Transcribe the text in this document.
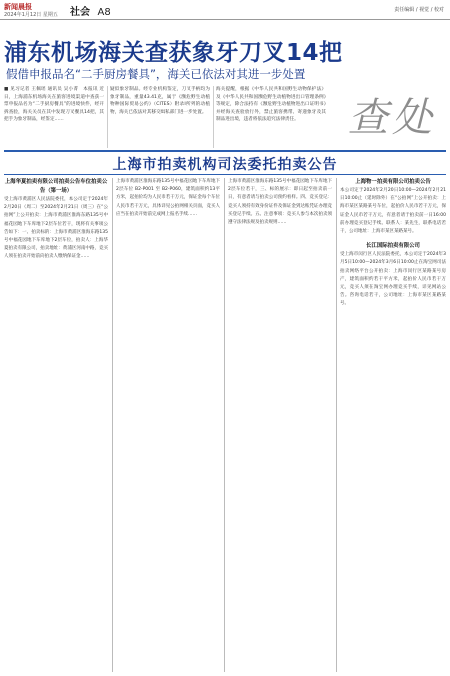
新闻晨报
2024年1月12日 星期五 社会 A8	责任编辑 / 视觉 / 校对
浦东机场海关查获象牙刀叉14把
假借申报品名“二手厨房餐具”，海关已依法对其进一步处置
■ 见习记者 王佩瑶 通讯员 吴小菁　本报讯 近日，上海浦东机场海关在旅客进境渠道中查获一票申报品名为“二手厨房餐具”的进境快件，经开拆查验，海关关员在其中发现刀叉餐具14把，其把手为象牙制品，经鉴定……
疑似象牙制品。经专业机构鉴定，刀叉手柄均为象牙制品，重量43.41克，属于《濒危野生动植物种国际贸易公约》（CITES）附录I所列的动植物，海关已依法对其移交缉私部门进一步处置。
海关提醒，根据《中华人民共和国野生动物保护法》及《中华人民共和国濒危野生动植物进出口管理条例》等规定，除合法持有《濒危野生动植物进出口证明书》并经海关查验放行外，禁止旅客携带、寄递象牙及其制品进出境，违者将依法追究法律责任。	查处
上海市拍卖机构司法委托拍卖公告
上海华夏拍卖有限公司拍卖公告车位拍卖公告（第一场）

受上海市黄浦区人民法院委托，本公司定于2024年2月20日（周二）至2024年2月21日（周三）在“公拍网”上公开拍卖：上海市黄浦区淮海东路135号中福花园地下车库地下2层车位若干，现将有关事项公告如下：一、拍卖标的：上海市黄浦区淮海东路135号中福花园地下车库地下2层车位，拍卖人：上海华夏拍卖有限公司，拍卖地址：黄浦区河南中路，竞买人须在拍卖开始前向拍卖人缴纳保证金……

上海市黄浦区淮海东路135号中福花园地下车库地下2层车位 B2-P001 至 B2-P060，建筑面积约13平方米，起拍价均为人民币若干万元，保证金每个车位人民币若干万元，具体详见公拍网相关页面，竞买人应当在拍卖开始前完成网上报名手续……

上海市黄浦区淮海东路135号中福花园地下车库地下2层车位若干，三、标的展示：即日起至拍卖前一日，有意者请与拍卖公司预约看样。四、竞买登记：竞买人须持有效身份证件及保证金到达账凭证办理竞买登记手续。五、注意事项：竞买人参与本次拍卖须遵守法律法规及拍卖规则……

上海物一拍卖有限公司拍卖公告

本公司定于2024年2月20日10:00—2024年2月21日10:00止（延时除外）在“公拍网”上公开拍卖：上海市某区某路某号车位，起拍价人民币若干万元，保证金人民币若干万元，有意者请于拍卖前一日16:00前办理竞买登记手续。联系人：某先生，联系电话若干，公司地址：上海市某区某路某号。

长江国际拍卖有限公司

受上海市闵行区人民法院委托，本公司定于2024年3月5日10:00—2024年3月6日10:00止在淘宝网司法拍卖网络平台公开拍卖：上海市闵行区某路某号房产，建筑面积约若干平方米，起拍价人民币若干万元，竞买人须在淘宝网办理竞买手续，详见网站公告。咨询电话若干，公司地址：上海市某区某路某号。
